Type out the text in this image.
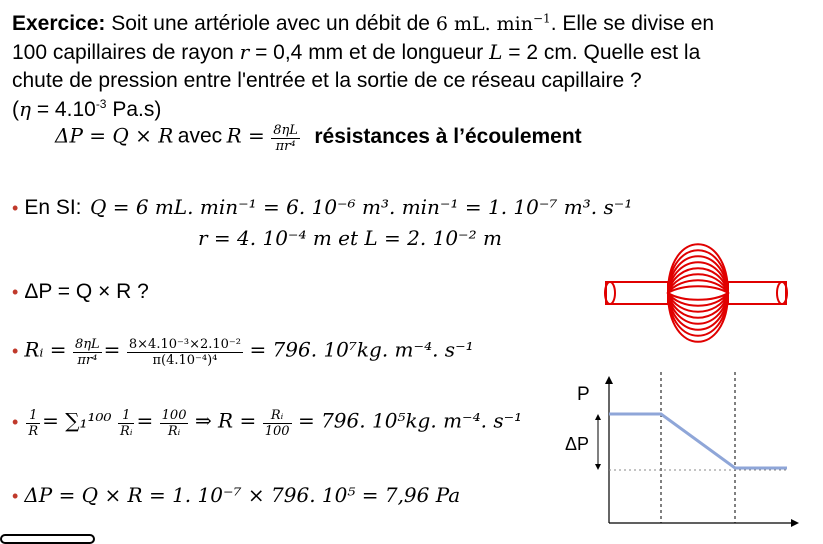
Exercice: Soit une artériole avec un débit de 6 mL. $\min^{-1}$. Elle se divise en
100 capillaires de rayon r = 0,4 mm et de longueur L = 2 cm. Quelle est la
chute de pression entre l'entrée et la sortie de ce réseau capillaire ?
($\eta = 4.10^{-3}$ Pa.s)
ΔP = Q × R avec $R = \frac{8\eta L}{\text{πr⁴}}$ résistances à l’écoulement
• En SI: Q = 6 mL. min⁻¹ = 6. 10⁻⁶ m³. min⁻¹ = 1. 10⁻⁷ m³. s⁻¹
r = 4. 10⁻⁴ m et L = 2. 10⁻² m
• ΔP = Q × R ?
• Rᵢ = $\frac{8\eta L}{\text{πr⁴}} = \frac{\text{8×4.10⁻³×2.10⁻²}}{\text{π(4.10⁻⁴)⁴}} = 796$. 10⁷kg. m⁻⁴. s⁻¹
• $\frac{1}{R} = \sum_1^{100} \frac{1}{\text{Rᵢ}} = \frac{100}{\text{Rᵢ}}$ ⇒ $R = \frac{\text{Rᵢ}}{100} = 796$. 10⁵kg. m⁻⁴. s⁻¹
• ΔP = Q × R = 1. 10⁻⁷ × 796. 10⁵ = 7,96 Pa
P
ΔP
